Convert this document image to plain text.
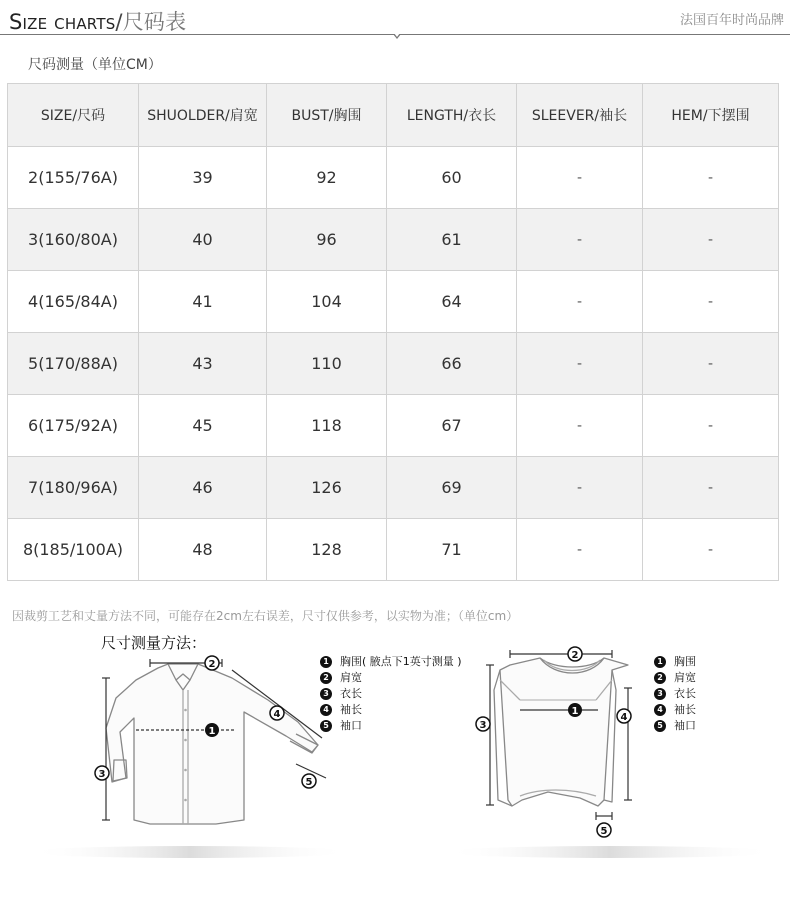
Size charts/尺码表	法国百年时尚品牌
尺码测量（单位CM）
SIZE/尺码	SHUOLDER/肩宽	BUST/胸围	LENGTH/衣长	SLEEVER/袖长	HEM/下摆围
2(155/76A)	39	92	60	-	-
3(160/80A)	40	96	61	-	-
4(165/84A)	41	104	64	-	-
5(170/88A)	43	110	66	-	-
6(175/92A)	45	118	67	-	-
7(180/96A)	46	126	69	-	-
8(185/100A)	48	128	71	-	-
因裁剪工艺和丈量方法不同，可能存在2cm左右误差，尺寸仅供参考，以实物为准；（单位cm）
1
2
3
4
5
1
2
3
4
5
尺寸测量方法：
1 胸围( 腋点下1英寸测量 )
2 肩宽
3 衣长
4 袖长
5 袖口
1 胸围
2 肩宽
3 衣长
4 袖长
5 袖口
